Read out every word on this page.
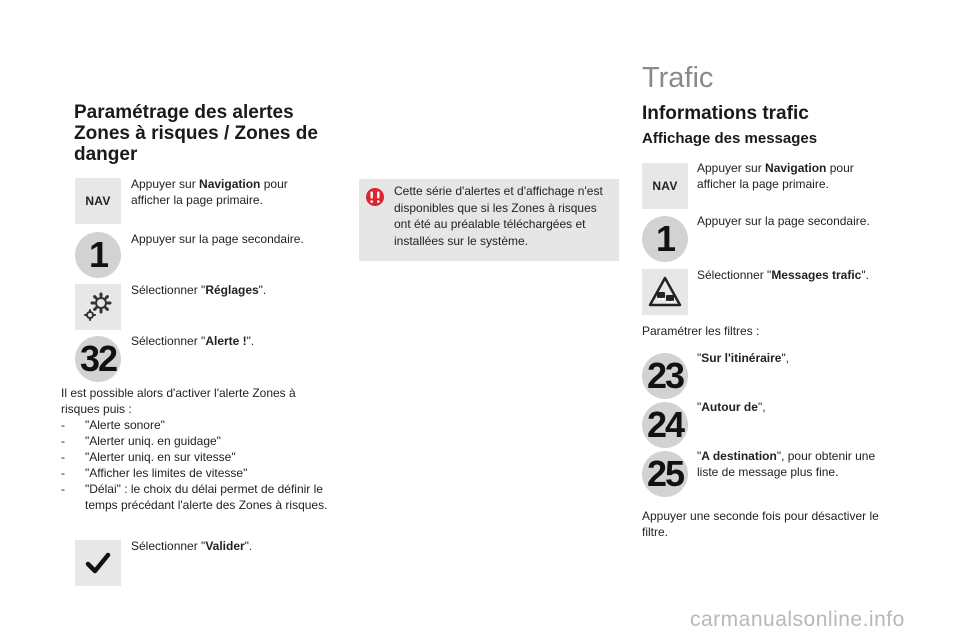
Paramétrage des alertes Zones à risques / Zones de danger
NAV
Appuyer sur Navigation pour afficher la page primaire.
1 Appuyer sur la page secondaire.
Sélectionner "Réglages".
32 Sélectionner "Alerte !".
Il est possible alors d'activer l'alerte Zones à risques puis :
- "Alerte sonore"
- "Alerter uniq. en guidage"
- "Alerter uniq. en sur vitesse"
- "Afficher les limites de vitesse"
- "Délai" : le choix du délai permet de définir le temps précédant l'alerte des Zones à risques.
Sélectionner "Valider".
Cette série d'alertes et d'affichage n'est disponibles que si les Zones à risques ont été au préalable téléchargées et installées sur le système.
Trafic
Informations trafic
Affichage des messages
NAV
Appuyer sur Navigation pour afficher la page primaire.
1 Appuyer sur la page secondaire.
Sélectionner "Messages trafic".
Paramétrer les filtres :
23 "Sur l'itinéraire",
24 "Autour de",
25 "A destination", pour obtenir une liste de message plus fine.
Appuyer une seconde fois pour désactiver le filtre.
carmanualsonline.info
